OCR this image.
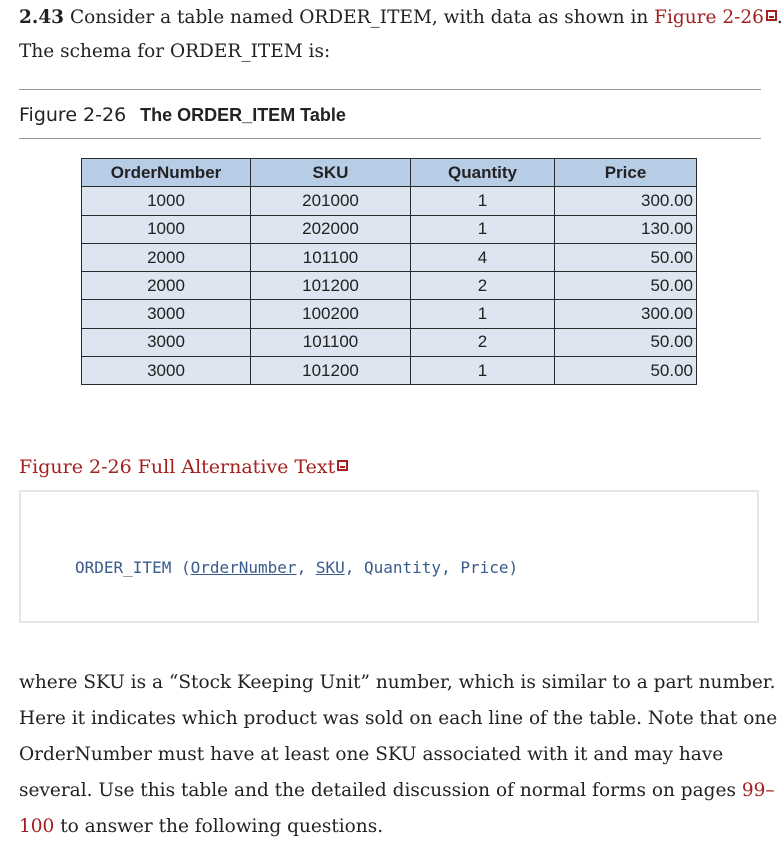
2.43 Consider a table named ORDER_ITEM, with data as shown in Figure 2-26 .

The schema for ORDER_ITEM is:

Figure 2-26 The ORDER_ITEM Table
OrderNumber	SKU	Quantity	Price
1000	201000	1	300.00
1000	202000	1	130.00
2000	101100	4	50.00
2000	101200	2	50.00
3000	100200	1	300.00
3000	101100	2	50.00
3000	101200	1	50.00
Figure 2-26 Full Alternative Text
ORDER_ITEM (OrderNumber, SKU, Quantity, Price)

where SKU is a “Stock Keeping Unit” number, which is similar to a part number.

Here it indicates which product was sold on each line of the table. Note that one

OrderNumber must have at least one SKU associated with it and may have

several. Use this table and the detailed discussion of normal forms on pages 99–

100 to answer the following questions.
